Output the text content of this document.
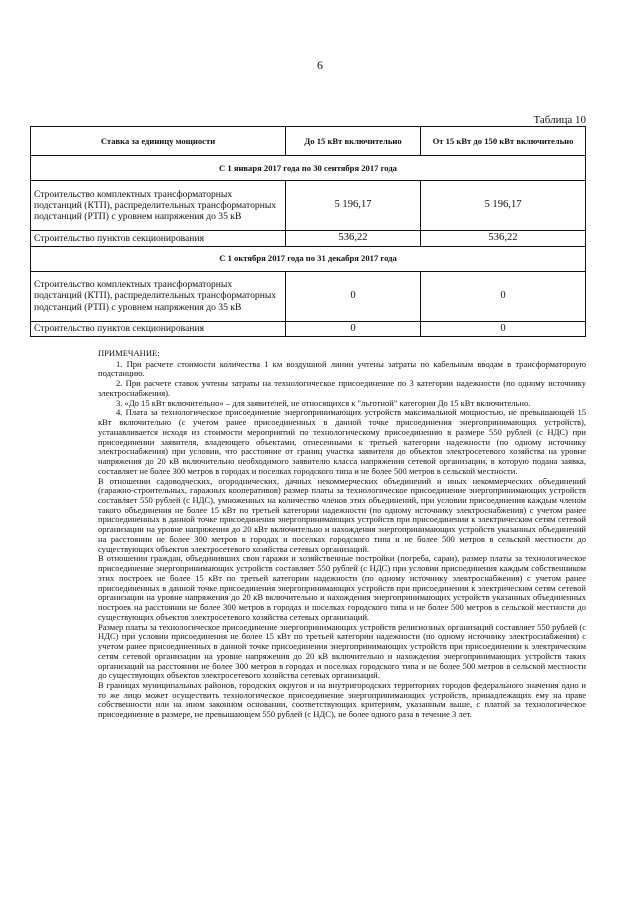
6
Таблица 10
Ставка за единицу мощности	До 15 кВт включительно	От 15 кВт до 150 кВт включительно
С 1 января 2017 года по 30 сентября 2017 года		
Строительство комплектных трансформаторных подстанций (КТП), распределительных трансформаторных подстанций (РТП) с уровнем напряжения до 35 кВ	5 196,17	5 196,17
Строительство пунктов секционирования	536,22	536,22
С 1 октября 2017 года по 31 декабря 2017 года		
Строительство комплектных трансформаторных подстанций (КТП), распределительных трансформаторных подстанций (РТП) с уровнем напряжения до 35 кВ	0	0
Строительство пунктов секционирования	0	0
ПРИМЕЧАНИЕ:

1. При расчете стоимости количества 1 км воздушной линии учтены затраты по кабельным вводам в трансформаторную подстанцию.

2. При расчете ставок учтены затраты на технологическое присоединение по 3 категории надежности (по одному источнику электроснабжения).

3. «До 15 кВт включительно» – для заявителей, не относящихся к "льготной" категории До 15 кВт включительно.

4. Плата за технологическое присоединение энергопринимающих устройств максимальной мощностью, не превышающей 15 кВт включительно (с учетом ранее присоединенных в данной точке присоединения энергопринимающих устройств), устанавливается исходя из стоимости мероприятий по технологическому присоединению в размере 550 рублей (с НДС) при присоединении заявителя, владеющего объектами, отнесенными к третьей категории надежности (по одному источнику электроснабжения) при условии, что расстояние от границ участка заявителя до объектов электросетевого хозяйства на уровне напряжения до 20 кВ включительно необходимого заявителю класса напряжения сетевой организации, в которую подана заявка, составляет не более 300 метров в городах и поселках городского типа и не более 500 метров в сельской местности.

В отношении садоводческих, огороднических, дачных некоммерческих объединений и иных некоммерческих объединений (гаражно-строительных, гаражных кооперативов) размер платы за технологическое присоединение энергопринимающих устройств составляет 550 рублей (с НДС), умноженных на количество членов этих объединений, при условии присоединения каждым членом такого объединения не более 15 кВт по третьей категории надежности (по одному источнику электроснабжения) с учетом ранее присоединенных в данной точке присоединения энергопринимающих устройств при присоединении к электрическим сетям сетевой организации на уровне напряжения до 20 кВт включительно и нахождения энергопринимающих устройств указанных объединений на расстоянии не более 300 метров в городах и поселках городского типа и не более 500 метров в сельской местности до существующих объектов электросетевого хозяйства сетевых организаций.

В отношении граждан, объединивших свои гаражи и хозяйственные постройки (погреба, сараи), размер платы за технологическое присоединение энергопринимающих устройств составляет 550 рублей (с НДС) при условии присоединения каждым собственником этих построек не более 15 кВт по третьей категории надежности (по одному источнику электроснабжения) с учетом ранее присоединенных в данной точке присоединения энергопринимающих устройств при присоединении к электрическим сетям сетевой организации на уровне напряжения до 20 кВ включительно и нахождения энергопринимающих устройств указанных объединенных построек на расстоянии не более 300 метров в городах и поселках городского типа и не более 500 метров в сельской местности до существующих объектов электросетевого хозяйства сетевых организаций.

Размер платы за технологическое присоединение энергопринимающих устройств религиозных организаций составляет 550 рублей (с НДС) при условии присоединения не более 15 кВт по третьей категории надежности (по одному источнику электроснабжения) с учетом ранее присоединенных в данной точке присоединения энергопринимающих устройств при присоединении к электрическим сетям сетевой организации на уровне напряжения до 20 кВ включительно и нахождения энергопринимающих устройств таких организаций на расстоянии не более 300 метров в городах и поселках городского типа и не более 500 метров в сельской местности до существующих объектов электросетевого хозяйства сетевых организаций.

В границах муниципальных районов, городских округов и на внутригородских территориях городов федерального значения одно и то же лицо может осуществить технологическое присоединение энергопринимающих устройств, принадлежащих ему на праве собственности или на ином законном основании, соответствующих критериям, указанным выше, с платой за технологическое присоединение в размере, не превышающем 550 рублей (с НДС), не более одного раза в течение 3 лет.
